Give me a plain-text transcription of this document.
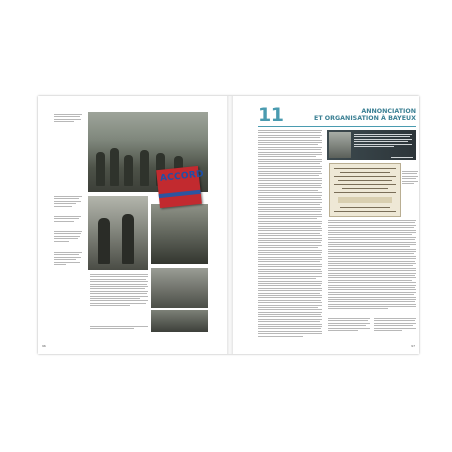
ACCORD
96
11	ANNONCIATION
ET ORGANISATION À BAYEUX
97
